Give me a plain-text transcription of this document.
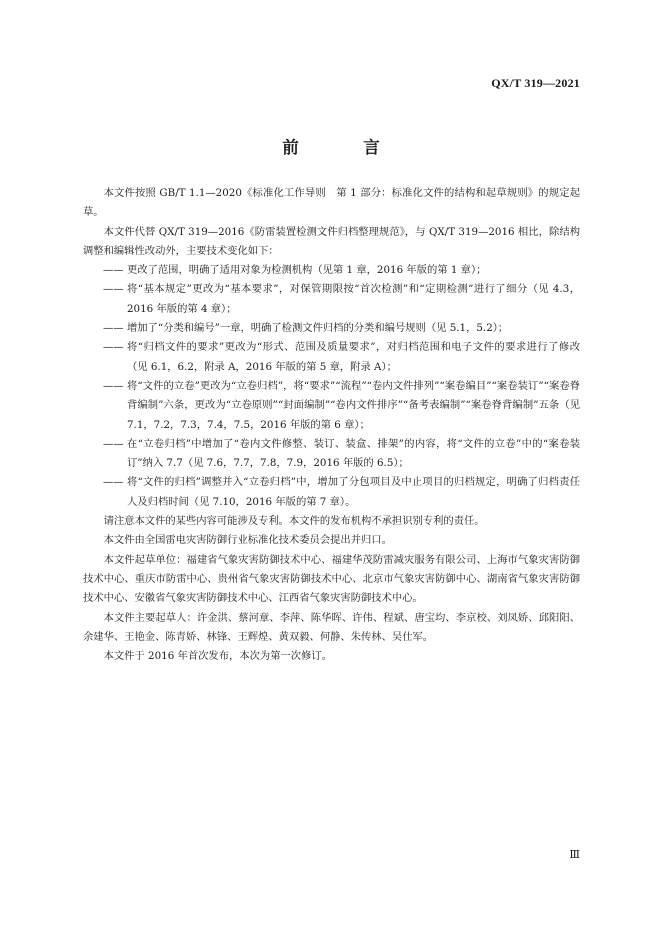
QX/T 319—2021
前　言

本文件按照 GB/T 1.1—2020《标准化工作导则　第 1 部分：标准化文件的结构和起草规则》的规定起草。

本文件代替 QX/T 319—2016《防雷装置检测文件归档整理规范》，与 QX/T 319—2016 相比，除结构调整和编辑性改动外，主要技术变化如下：

—— 更改了范围，明确了适用对象为检测机构（见第 1 章，2016 年版的第 1 章）；

—— 将“基本规定”更改为“基本要求”，对保管期限按“首次检测”和“定期检测”进行了细分（见 4.3，2016 年版的第 4 章）；

—— 增加了“分类和编号”一章，明确了检测文件归档的分类和编号规则（见 5.1，5.2）；

—— 将“归档文件的要求”更改为“形式、范围及质量要求”，对归档范围和电子文件的要求进行了修改（见 6.1，6.2，附录 A，2016 年版的第 5 章，附录 A）；

—— 将“文件的立卷”更改为“立卷归档”，将“要求”“流程”“卷内文件排列”“案卷编目”“案卷装订”“案卷脊背编制”六条，更改为“立卷原则”“封面编制”“卷内文件排序”“备考表编制”“案卷脊背编制”五条（见 7.1，7.2，7.3，7.4，7.5，2016 年版的第 6 章）；

—— 在“立卷归档”中增加了“卷内文件修整、装订、装盒、排架”的内容，将“文件的立卷”中的“案卷装订”纳入 7.7（见 7.6，7.7，7.8，7.9，2016 年版的 6.5）；

—— 将“文件的归档”调整并入“立卷归档”中，增加了分包项目及中止项目的归档规定，明确了归档责任人及归档时间（见 7.10，2016 年版的第 7 章）。

请注意本文件的某些内容可能涉及专利。本文件的发布机构不承担识别专利的责任。

本文件由全国雷电灾害防御行业标准化技术委员会提出并归口。

本文件起草单位：福建省气象灾害防御技术中心、福建华茂防雷减灾服务有限公司、上海市气象灾害防御技术中心、重庆市防雷中心、贵州省气象灾害防御技术中心、北京市气象灾害防御中心、湖南省气象灾害防御技术中心、安徽省气象灾害防御技术中心、江西省气象灾害防御技术中心。

本文件主要起草人：许金洪、蔡河章、李萍、陈华晖、许伟、程斌、唐宝均、李京校、刘凤娇、邱阳阳、余建华、王艳金、陈青娇、林锋、王辉煌、黄双毅、何静、朱传林、吴仕军。

本文件于 2016 年首次发布，本次为第一次修订。

Ⅲ
